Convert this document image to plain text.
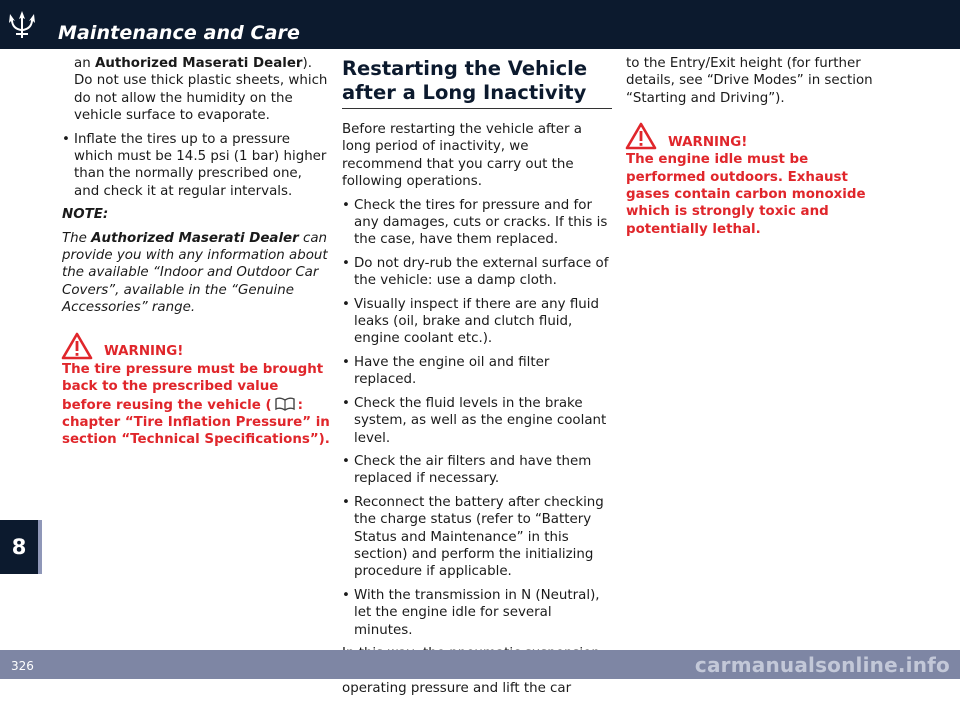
Maintenance and Care
8

an Authorized Maserati Dealer). Do not use thick plastic sheets, which do not allow the humidity on the vehicle surface to evaporate.

• Inflate the tires up to a pressure which must be 14.5 psi (1 bar) higher than the normally prescribed one, and check it at regular intervals.

NOTE:

The Authorized Maserati Dealer can provide you with any information about the available “Indoor and Outdoor Car Covers”, available in the “Genuine Accessories” range.

WARNING!

The tire pressure must be brought back to the prescribed value before reusing the vehicle ( : chapter “Tire Inflation Pressure” in section “Technical Specifications”).

Restarting the Vehicle after a Long Inactivity

Before restarting the vehicle after a long period of inactivity, we recommend that you carry out the following operations.

• Check the tires for pressure and for any damages, cuts or cracks. If this is the case, have them replaced.

• Do not dry-rub the external surface of the vehicle: use a damp cloth.

• Visually inspect if there are any fluid leaks (oil, brake and clutch fluid, engine coolant etc.).

• Have the engine oil and filter replaced.

• Check the fluid levels in the brake system, as well as the engine coolant level.

• Check the air filters and have them replaced if necessary.

• Reconnect the battery after checking the charge status (refer to “Battery Status and Maintenance” in this section) and perform the initializing procedure if applicable.

• With the transmission in N (Neutral), let the engine idle for several minutes.

operating pressure and lift the car

to the Entry/Exit height (for further details, see “Drive Modes” in section “Starting and Driving”).

WARNING!

The engine idle must be performed outdoors. Exhaust gases contain carbon monoxide which is strongly toxic and potentially lethal.

326	carmanualsonline.info
